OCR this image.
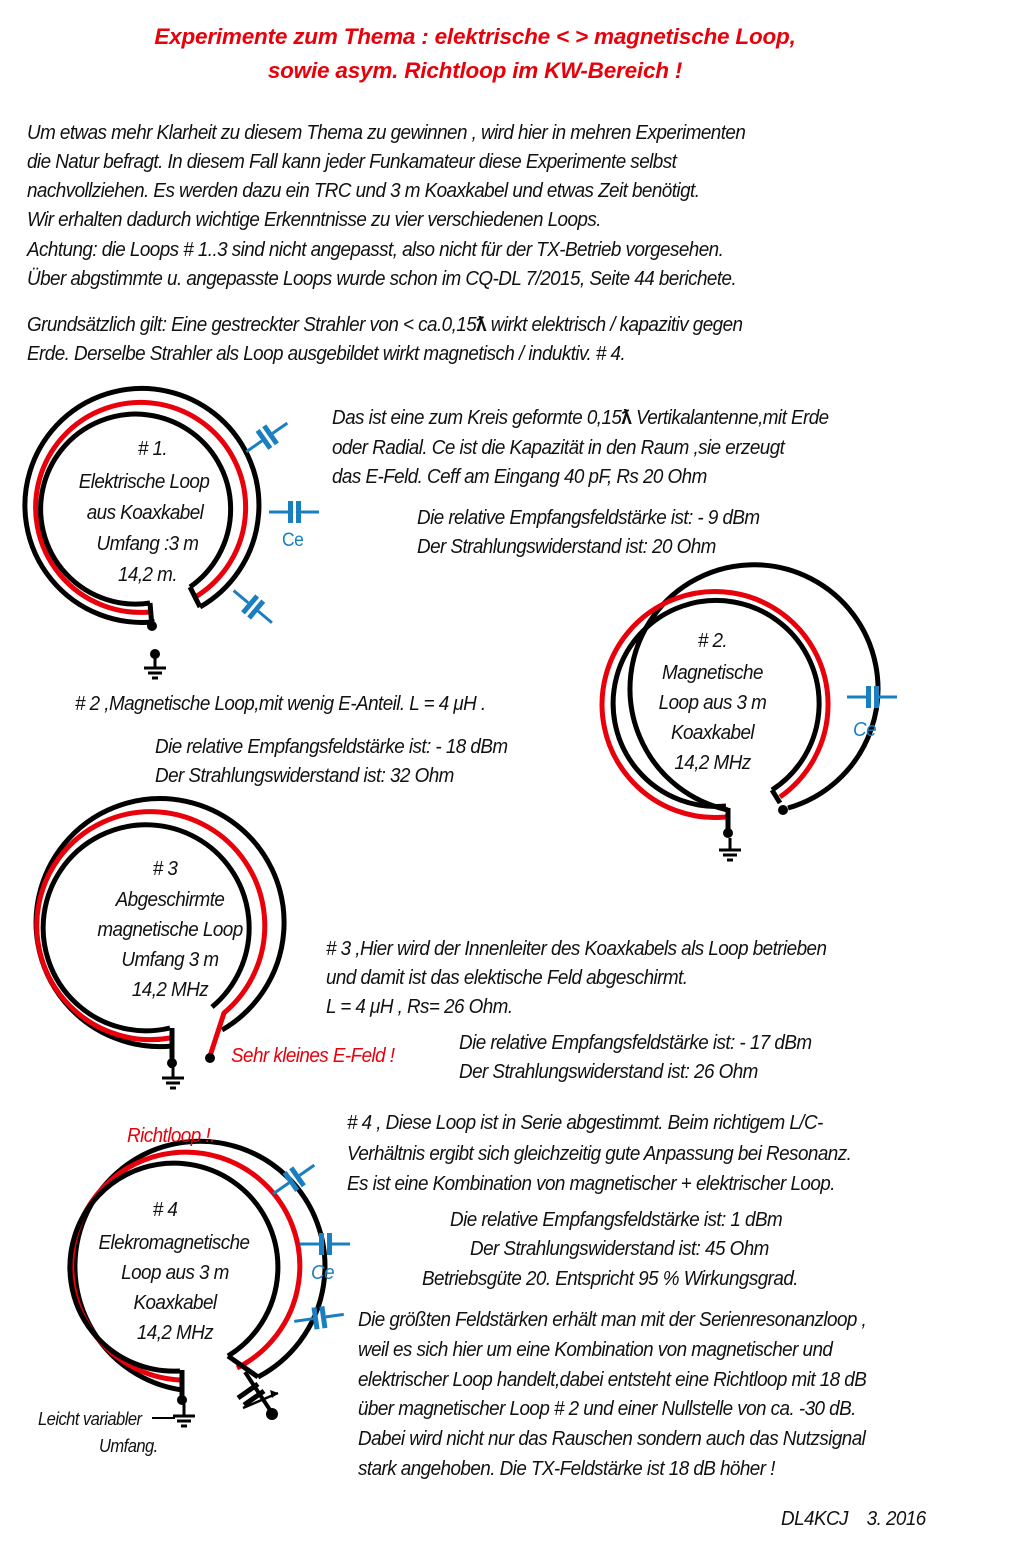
Experimente zum Thema : elektrische < > magnetische Loop,
sowie asym. Richtloop im KW-Bereich !
Um etwas mehr Klarheit zu diesem Thema zu gewinnen , wird hier in mehren Experimenten
die Natur befragt. In diesem Fall kann jeder Funkamateur diese Experimente selbst
nachvollziehen. Es werden dazu ein TRC und 3 m Koaxkabel und etwas Zeit benötigt.
Wir erhalten dadurch wichtige Erkenntnisse zu vier verschiedenen Loops.
Achtung: die Loops # 1..3 sind nicht angepasst, also nicht für der TX-Betrieb vorgesehen.
Über abgstimmte u. angepasste Loops wurde schon im CQ-DL 7/2015, Seite 44 berichete.
Grundsätzlich gilt: Eine gestreckter Strahler von < ca.0,15ƛ wirkt elektrisch / kapazitiv gegen
Erde. Derselbe Strahler als Loop ausgebildet wirkt magnetisch / induktiv. # 4.
# 1.
Elektrische Loop
aus Koaxkabel
Umfang :3 m
14,2 m.
Ce
Das ist eine zum Kreis geformte 0,15ƛ Vertikalantenne,mit Erde
oder Radial. Ce ist die Kapazität in den Raum ,sie erzeugt
das E-Feld. Ceff am Eingang 40 pF, Rs 20 Ohm
Die relative Empfangsfeldstärke ist: - 9 dBm
Der Strahlungswiderstand ist: 20 Ohm
# 2.
Magnetische
Loop aus 3 m
Koaxkabel
14,2 MHz
Ce
# 2 ,Magnetische Loop,mit wenig E-Anteil. L = 4 μH .
Die relative Empfangsfeldstärke ist: - 18 dBm
Der Strahlungswiderstand ist: 32 Ohm
# 3
Abgeschirmte
magnetische Loop
Umfang 3 m
14,2 MHz
Sehr kleines E-Feld !
# 3 ,Hier wird der Innenleiter des Koaxkabels als Loop betrieben
und damit ist das elektische Feld abgeschirmt.
L = 4 μH , Rs= 26 Ohm.
Die relative Empfangsfeldstärke ist: - 17 dBm
Der Strahlungswiderstand ist: 26 Ohm
Richtloop !.
# 4
Elekromagnetische
Loop aus 3 m
Koaxkabel
14,2 MHz
Ce
Leicht variabler
Umfang.
# 4 , Diese Loop ist in Serie abgestimmt. Beim richtigem L/C-
Verhältnis ergibt sich gleichzeitig gute Anpassung bei Resonanz.
Es ist eine Kombination von magnetischer + elektrischer Loop.
Die relative Empfangsfeldstärke ist: 1 dBm
Der Strahlungswiderstand ist: 45 Ohm
Betriebsgüte 20. Entspricht 95 % Wirkungsgrad.
Die größten Feldstärken erhält man mit der Serienresonanzloop ,
weil es sich hier um eine Kombination von magnetischer und
elektrischer Loop handelt,dabei entsteht eine Richtloop mit 18 dB
über magnetischer Loop # 2 und einer Nullstelle von ca. -30 dB.
Dabei wird nicht nur das Rauschen sondern auch das Nutzsignal
stark angehoben. Die TX-Feldstärke ist 18 dB höher !
DL4KCJ    3. 2016
